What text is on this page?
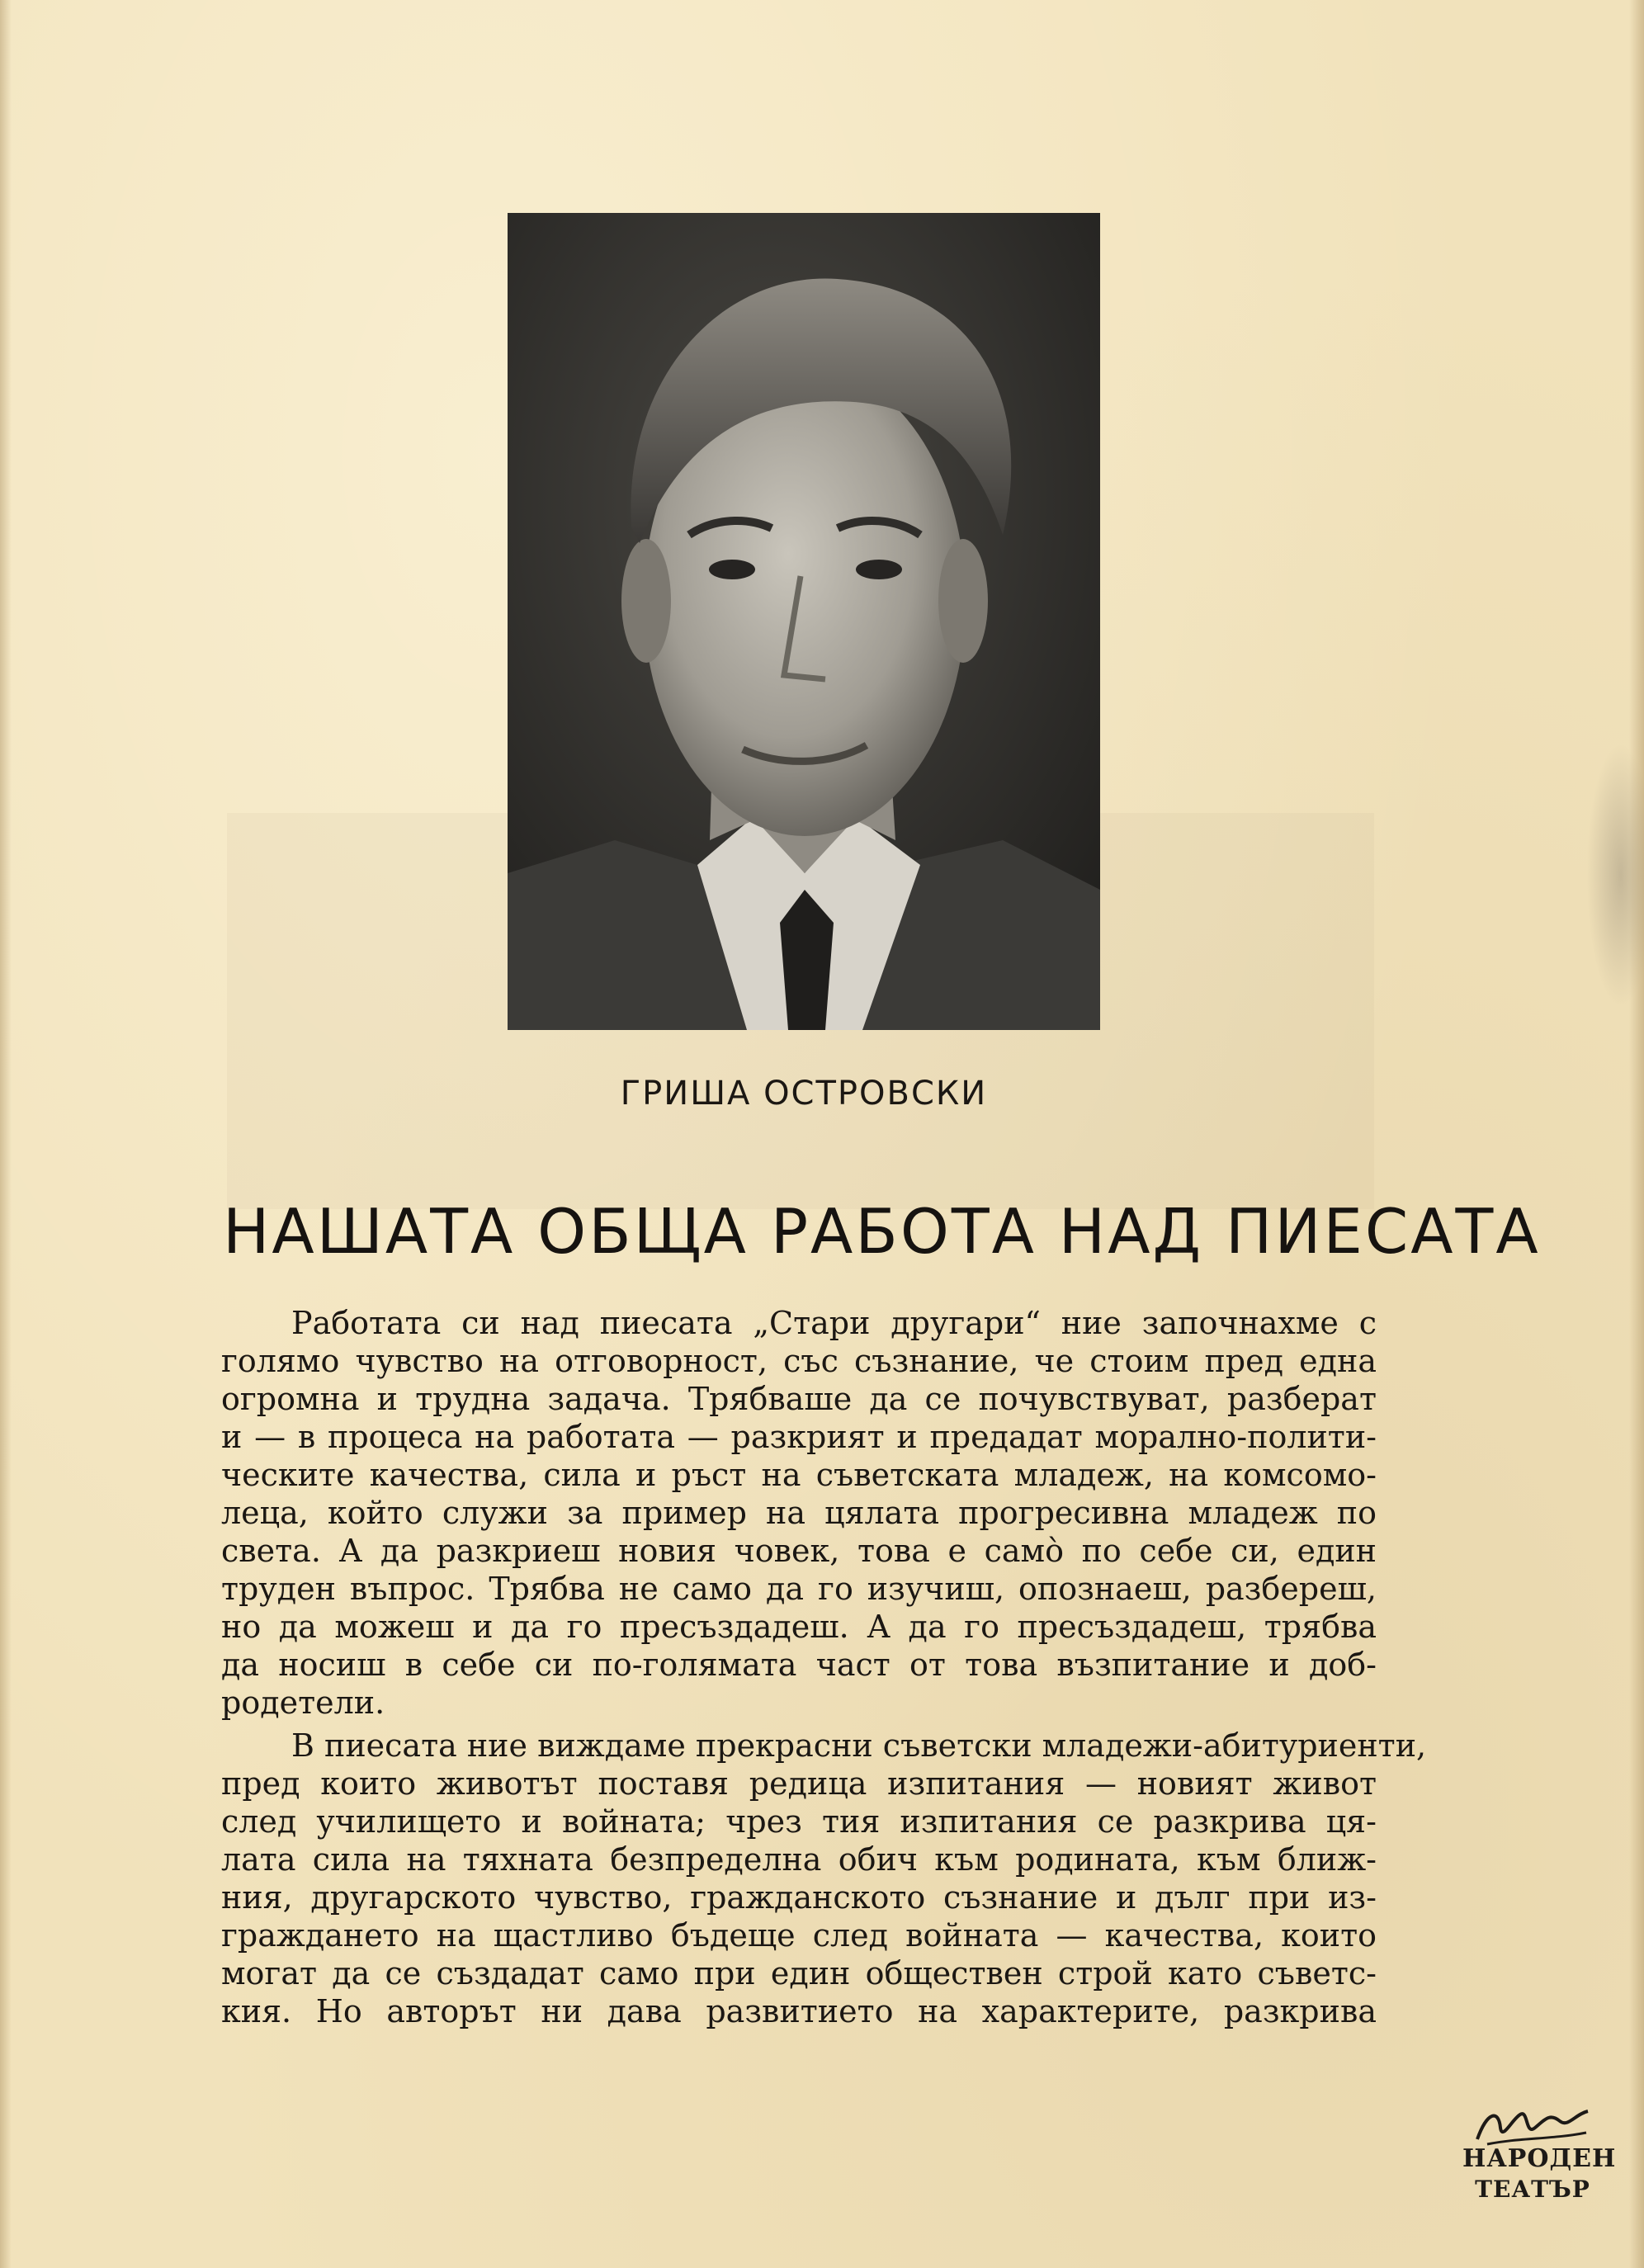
ГРИША ОСТРОВСКИ
НАШАТА ОБЩА РАБОТА НАД ПИЕСАТА
Работата си над пиесата „Стари другари“ ние започнахме с
голямо чувство на отговорност, със съзнание, че стоим пред една
огромна и трудна задача. Трябваше да се почувствуват, разберат
и — в процеса на работата — разкрият и предадат морално-полити-
ческите качества, сила и ръст на съветската младеж, на комсомо-
леца, който служи за пример на цялата прогресивна младеж по
света. А да разкриеш новия човек, това е само̀ по себе си, един
труден въпрос. Трябва не само да го изучиш, опознаеш, разбереш,
но да можеш и да го пресъздадеш. А да го пресъздадеш, трябва
да носиш в себе си по-голямата част от това възпитание и доб-
родетели.
В пиесата ние виждаме прекрасни съветски младежи-абитуриенти,
пред които животът поставя редица изпитания — новият живот
след училището и войната; чрез тия изпитания се разкрива ця-
лата сила на тяхната безпределна обич към родината, към ближ-
ния, другарското чувство, гражданското съзнание и дълг при из-
граждането на щастливо бъдеще след войната — качества, които
могат да се създадат само при един обществен строй като съветс-
кия. Но авторът ни дава развитието на характерите, разкрива
НАРОДЕН
ТЕАТЪР
